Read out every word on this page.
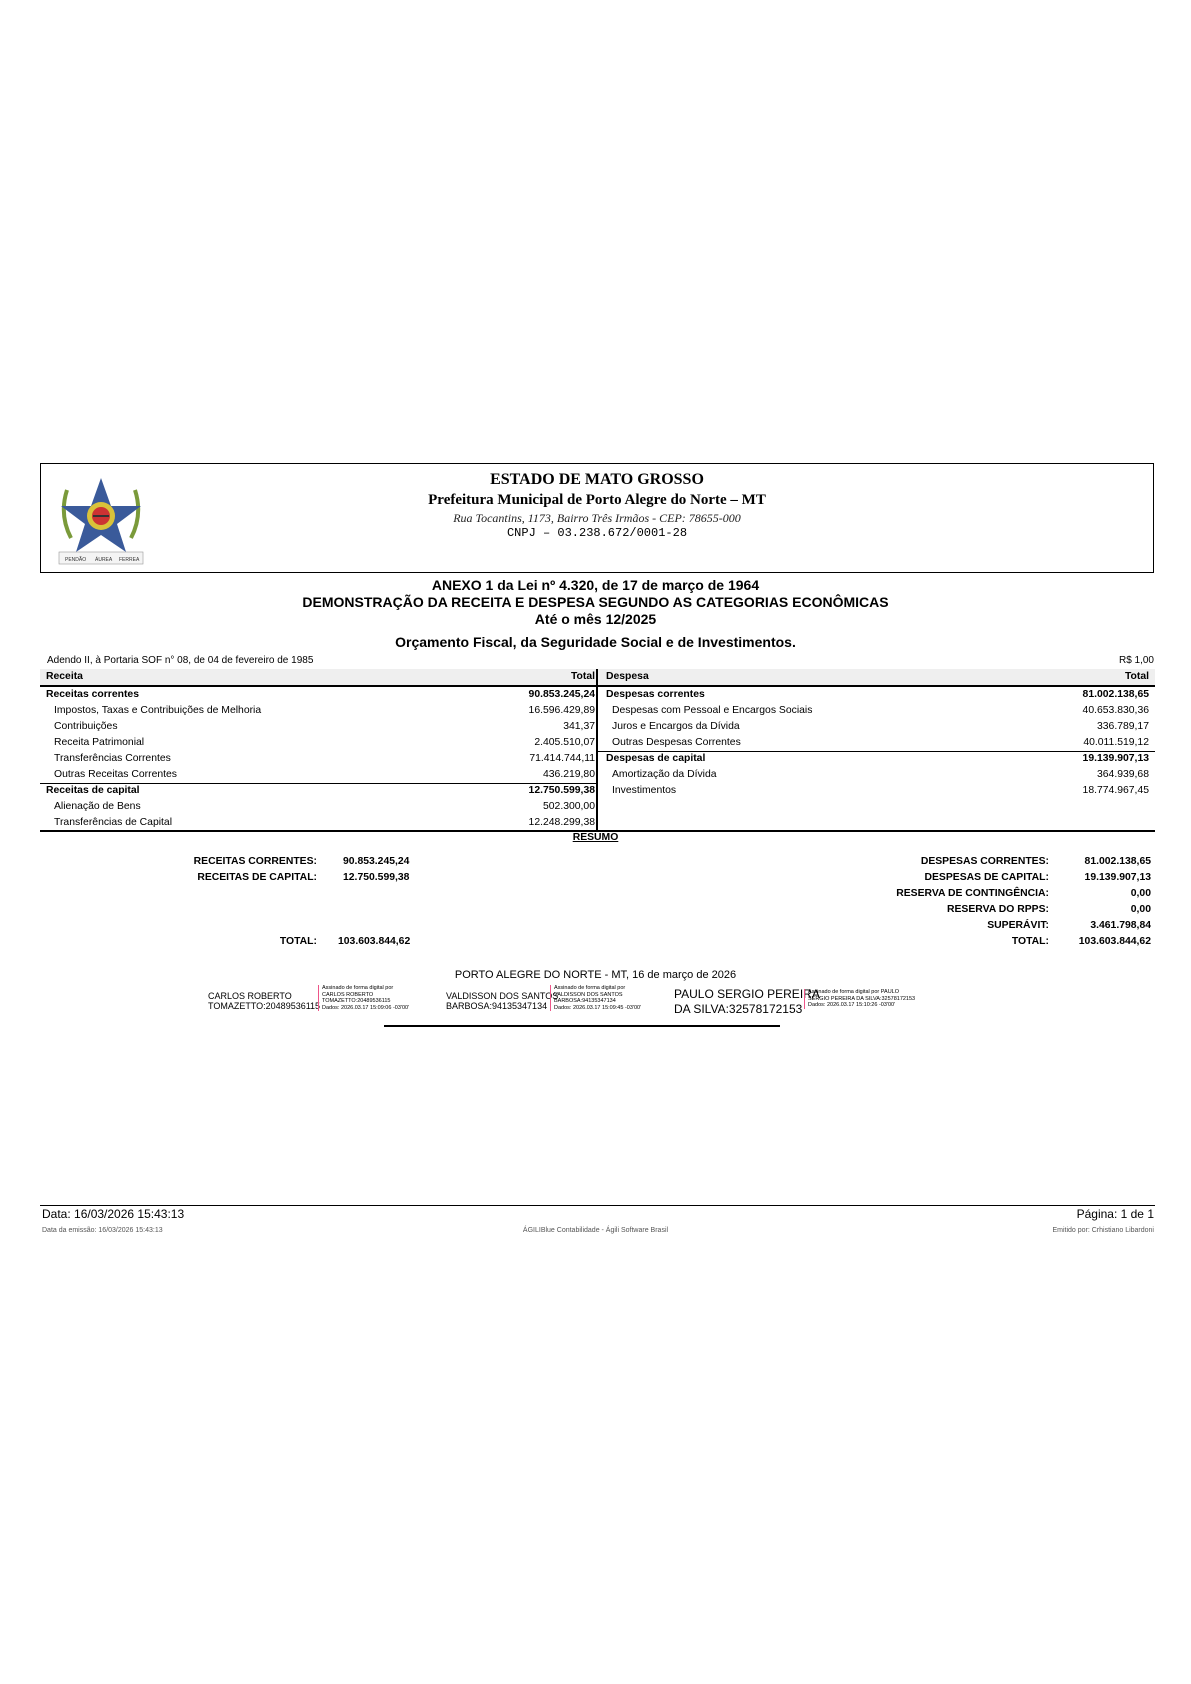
PENDÃO ÁUREA FERREA
ESTADO DE MATO GROSSO
Prefeitura Municipal de Porto Alegre do Norte – MT
Rua Tocantins, 1173, Bairro Três Irmãos - CEP: 78655-000
CNPJ – 03.238.672/0001-28
ANEXO 1 da Lei nº 4.320, de 17 de março de 1964
DEMONSTRAÇÃO DA RECEITA E DESPESA SEGUNDO AS CATEGORIAS ECONÔMICAS
Até o mês 12/2025
Orçamento Fiscal, da Seguridade Social e de Investimentos.
Adendo II, à Portaria SOF n° 08, de 04 de fevereiro de 1985	R$ 1,00
Receita	Total Despesa	Total
Receitas correntes	90.853.245,24 Despesas correntes	81.002.138,65
Impostos, Taxas e Contribuições de Melhoria	16.596.429,89 Despesas com Pessoal e Encargos Sociais	40.653.830,36
Contribuições	341,37 Juros e Encargos da Dívida	336.789,17
Receita Patrimonial	2.405.510,07 Outras Despesas Correntes	40.011.519,12
Transferências Correntes	71.414.744,11 Despesas de capital	19.139.907,13
Outras Receitas Correntes	436.219,80 Amortização da Dívida	364.939,68
Receitas de capital	12.750.599,38 Investimentos	18.774.967,45
Alienação de Bens	502.300,00
Transferências de Capital	12.248.299,38
RESUMO
RECEITAS CORRENTES:	90.853.245,24
RECEITAS DE CAPITAL:	12.750.599,38
TOTAL: 103.603.844,62
DESPESAS CORRENTES:	81.002.138,65
DESPESAS DE CAPITAL:	19.139.907,13
RESERVA DE CONTINGÊNCIA:	0,00
RESERVA DO RPPS:	0,00
SUPERÁVIT:	3.461.798,84
TOTAL:	103.603.844,62
PORTO ALEGRE DO NORTE - MT, 16 de março de 2026
CARLOS ROBERTO
TOMAZETTO:20489536115
Assinado de forma digital por
CARLOS ROBERTO
TOMAZETTO:20489536115
Dados: 2026.03.17 15:09:06 -03'00'
VALDISSON DOS SANTOS
BARBOSA:94135347134
Assinado de forma digital por
VALDISSON DOS SANTOS
BARBOSA:94135347134
Dados: 2026.03.17 15:09:45 -03'00'
PAULO SERGIO PEREIRA
DA SILVA:32578172153
Assinado de forma digital por PAULO
SERGIO PEREIRA DA SILVA:32578172153
Dados: 2026.03.17 15:10:26 -03'00'
Data: 16/03/2026 15:43:13	Página: 1 de 1
Data da emissão: 16/03/2026 15:43:13	ÁGILIBlue Contabilidade - Ágili Software Brasil	Emitido por: Crhistiano Libardoni
